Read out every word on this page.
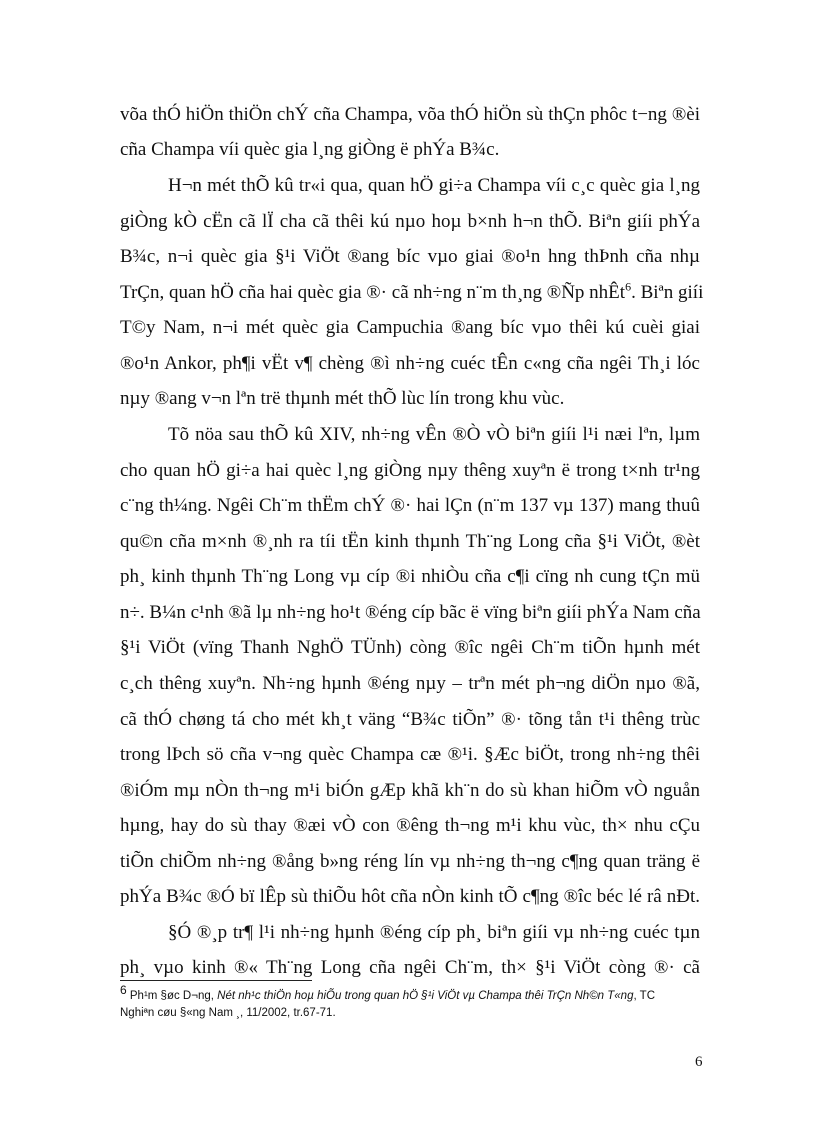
võa thÓ hiÖn thiÖn chÝ cña Champa, võa thÓ hiÖn sù thÇn phôc t−ng ®èi
cña Champa víi quèc gia l¸ng giÒng ë phÝa B¾c.
H¬n mét thÕ kû tr«i qua, quan hÖ gi÷a Champa víi c¸c quèc gia l¸ng
giÒng kÒ cËn cã lÏ cha cã thêi kú nµo hoµ b×nh h¬n thÕ. Biªn giíi phÝa
B¾c, n¬i quèc gia §¹i ViÖt ®ang bíc vµo giai ®o¹n hng thÞnh cña nhµ
TrÇn, quan hÖ cña hai quèc gia ®· cã nh÷ng n¨m th¸ng ®Ñp nhÊt$^6$. Biªn giíi
T©y Nam, n¬i mét quèc gia Campuchia ®ang bíc vµo thêi kú cuèi giai
®o¹n Ankor, ph¶i vËt v¶ chèng ®ì nh÷ng cuéc tÊn c«ng cña ngêi Th¸i lóc
nµy ®ang v¬n lªn trë thµnh mét thÕ lùc lín trong khu vùc.
Tõ nöa sau thÕ kû XIV, nh÷ng vÊn ®Ò vÒ biªn giíi l¹i næi lªn, lµm
cho quan hÖ gi÷a hai quèc l¸ng giÒng nµy thêng xuyªn ë trong t×nh tr¹ng
c¨ng th¼ng. Ngêi Ch¨m thËm chÝ ®· hai lÇn (n¨m 137 vµ 137) mang thuû
qu©n cña m×nh ®¸nh ra tíi tËn kinh thµnh Th¨ng Long cña §¹i ViÖt, ®èt
ph¸ kinh thµnh Th¨ng Long vµ cíp ®i nhiÒu cña c¶i cïng nh cung tÇn mü
n÷. B¼n c¹nh ®ã lµ nh÷ng ho¹t ®éng cíp bãc ë vïng biªn giíi phÝa Nam cña
§¹i ViÖt (vïng Thanh NghÖ TÜnh) còng ®îc ngêi Ch¨m tiÕn hµnh mét
c¸ch thêng xuyªn. Nh÷ng hµnh ®éng nµy – trªn mét ph¬ng diÖn nµo ®ã,
cã thÓ chøng tá cho mét kh¸t väng “B¾c tiÕn” ®· tõng tån t¹i thêng trùc
trong lÞch sö cña v¬ng quèc Champa cæ ®¹i. §Æc biÖt, trong nh÷ng thêi
®iÓm mµ nÒn th¬ng m¹i biÓn gÆp khã kh¨n do sù khan hiÕm vÒ nguån
hµng, hay do sù thay ®æi vÒ con ®êng th¬ng m¹i khu vùc, th× nhu cÇu
tiÕn chiÕm nh÷ng ®ång b»ng réng lín vµ nh÷ng th¬ng c¶ng quan träng ë
phÝa B¾c ®Ó bï lÊp sù thiÕu hôt cña nÒn kinh tÕ c¶ng ®îc béc lé râ nÐt.
§Ó ®¸p tr¶ l¹i nh÷ng hµnh ®éng cíp ph¸ biªn giíi vµ nh÷ng cuéc tµn
ph¸ vµo kinh ®« Th¨ng Long cña ngêi Ch¨m, th× §¹i ViÖt còng ®· cã
$^6$ Ph¹m §øc D¬ng, Nét nh¹c thiÖn hoµ hiÕu trong quan hÖ §¹i ViÖt vµ Champa thêi TrÇn Nh©n T«ng, TC
Nghiªn cøu §«ng Nam ¸, 11/2002, tr.67-71.
6
